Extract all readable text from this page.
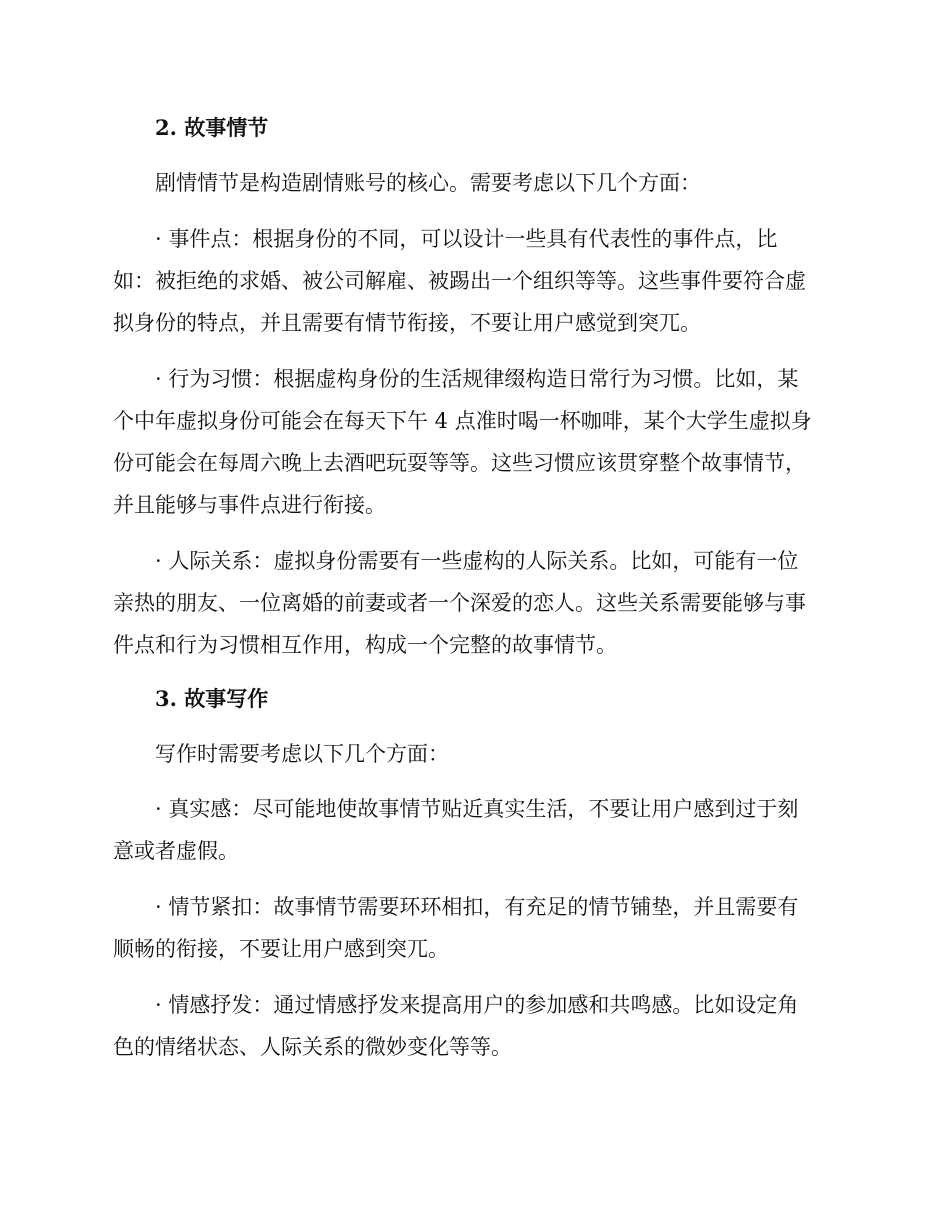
2. 故事情节
剧情情节是构造剧情账号的核心。需要考虑以下几个方面：
· 事件点：根据身份的不同，可以设计一些具有代表性的事件点，比
如：被拒绝的求婚、被公司解雇、被踢出一个组织等等。这些事件要符合虚
拟身份的特点，并且需要有情节衔接，不要让用户感觉到突兀。
· 行为习惯：根据虚构身份的生活规律缀构造日常行为习惯。比如，某
个中年虚拟身份可能会在每天下午 4 点准时喝一杯咖啡，某个大学生虚拟身
份可能会在每周六晚上去酒吧玩耍等等。这些习惯应该贯穿整个故事情节，
并且能够与事件点进行衔接。
· 人际关系：虚拟身份需要有一些虚构的人际关系。比如，可能有一位
亲热的朋友、一位离婚的前妻或者一个深爱的恋人。这些关系需要能够与事
件点和行为习惯相互作用，构成一个完整的故事情节。
3. 故事写作
写作时需要考虑以下几个方面：
· 真实感：尽可能地使故事情节贴近真实生活，不要让用户感到过于刻
意或者虚假。
· 情节紧扣：故事情节需要环环相扣，有充足的情节铺垫，并且需要有
顺畅的衔接，不要让用户感到突兀。
· 情感抒发：通过情感抒发来提高用户的参加感和共鸣感。比如设定角
色的情绪状态、人际关系的微妙变化等等。
